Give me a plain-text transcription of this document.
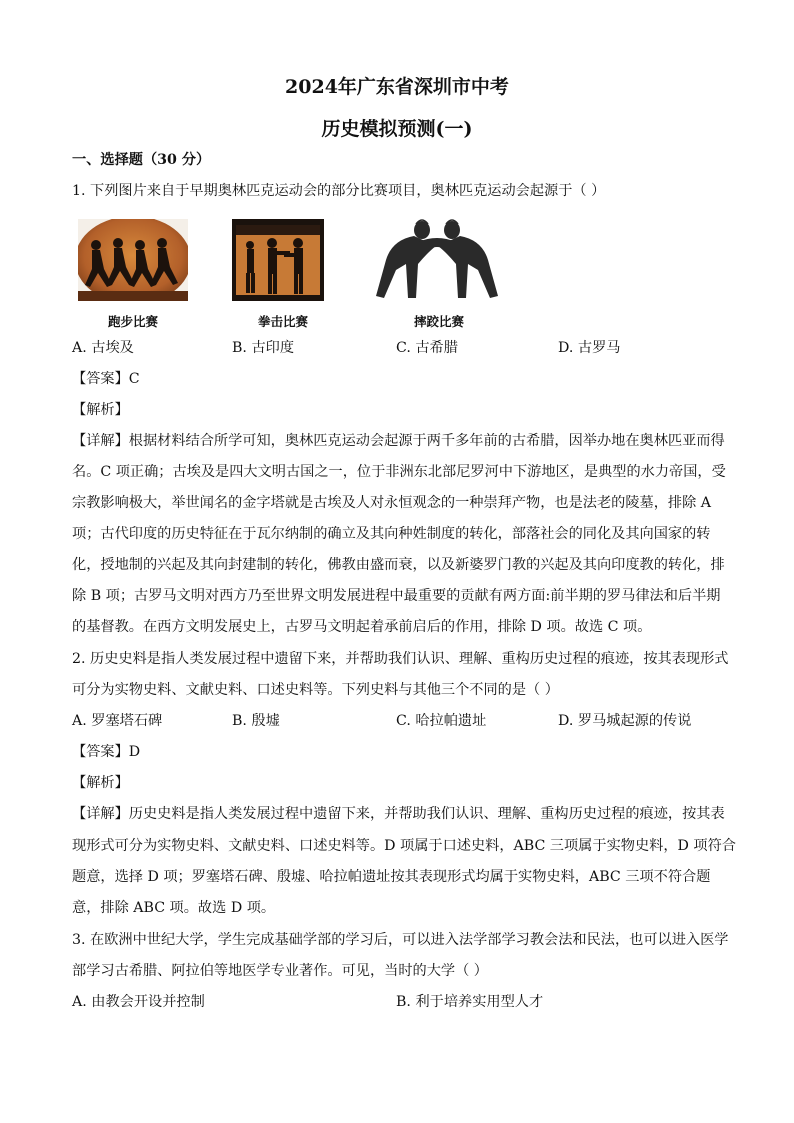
2024年广东省深圳市中考
历史模拟预测(一)
一、选择题（30 分）
1. 下列图片来自于早期奥林匹克运动会的部分比赛项目，奥林匹克运动会起源于（ ）
跑步比赛	拳击比赛	摔跤比赛
A. 古埃及	B. 古印度	C. 古希腊	D. 古罗马
【答案】C
【解析】
【详解】根据材料结合所学可知，奥林匹克运动会起源于两千多年前的古希腊，因举办地在奥林匹亚而得
名。C 项正确；古埃及是四大文明古国之一，位于非洲东北部尼罗河中下游地区，是典型的水力帝国，受
宗教影响极大，举世闻名的金字塔就是古埃及人对永恒观念的一种崇拜产物，也是法老的陵墓，排除 A
项；古代印度的历史特征在于瓦尔纳制的确立及其向种姓制度的转化，部落社会的同化及其向国家的转
化，授地制的兴起及其向封建制的转化，佛教由盛而衰，以及新婆罗门教的兴起及其向印度教的转化，排
除 B 项；古罗马文明对西方乃至世界文明发展进程中最重要的贡献有两方面:前半期的罗马律法和后半期
的基督教。在西方文明发展史上，古罗马文明起着承前启后的作用，排除 D 项。故选 C 项。
2. 历史史料是指人类发展过程中遗留下来，并帮助我们认识、理解、重构历史过程的痕迹，按其表现形式
可分为实物史料、文献史料、口述史料等。下列史料与其他三个不同的是（ ）
A. 罗塞塔石碑	B. 殷墟	C. 哈拉帕遗址	D. 罗马城起源的传说
【答案】D
【解析】
【详解】历史史料是指人类发展过程中遗留下来，并帮助我们认识、理解、重构历史过程的痕迹，按其表
现形式可分为实物史料、文献史料、口述史料等。D 项属于口述史料，ABC 三项属于实物史料，D 项符合
题意，选择 D 项；罗塞塔石碑、殷墟、哈拉帕遗址按其表现形式均属于实物史料，ABC 三项不符合题
意，排除 ABC 项。故选 D 项。
3. 在欧洲中世纪大学，学生完成基础学部的学习后，可以进入法学部学习教会法和民法，也可以进入医学
部学习古希腊、阿拉伯等地医学专业著作。可见，当时的大学（ ）
A. 由教会开设并控制	B. 利于培养实用型人才
